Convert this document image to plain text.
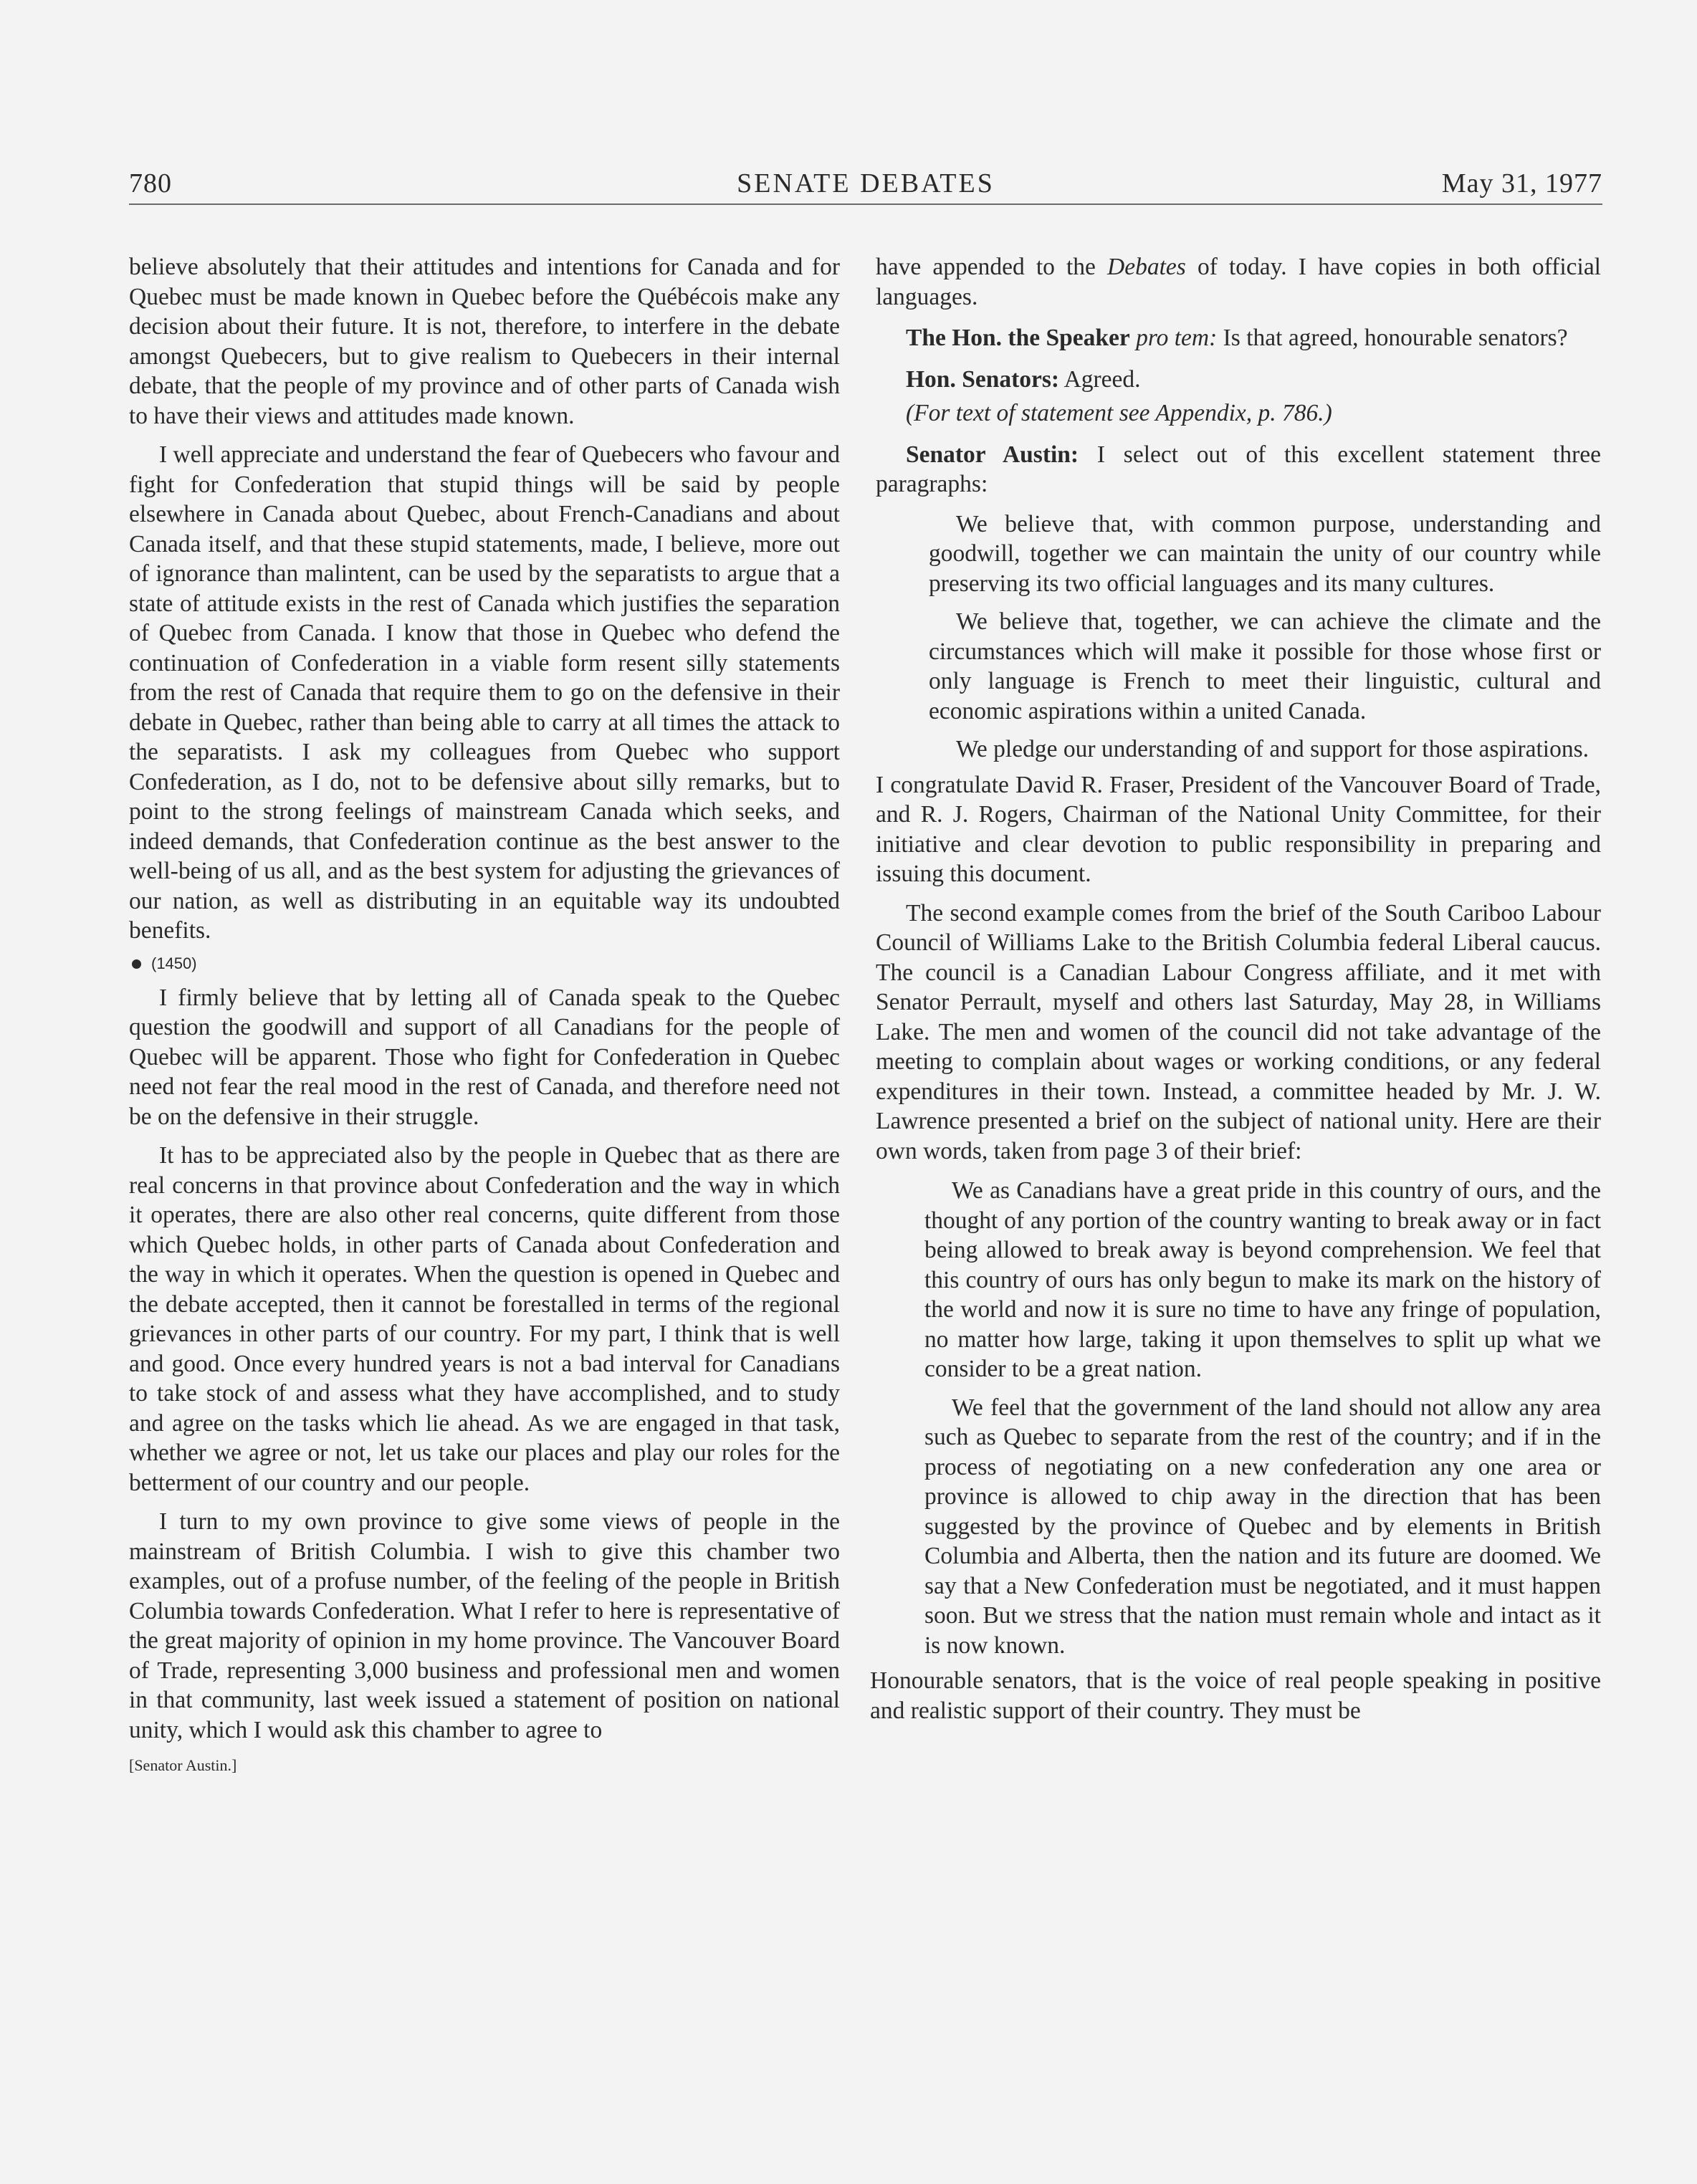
780	SENATE DEBATES	May 31, 1977

believe absolutely that their attitudes and intentions for Canada and for Quebec must be made known in Quebec before the Québécois make any decision about their future. It is not, therefore, to interfere in the debate amongst Quebecers, but to give realism to Quebecers in their internal debate, that the people of my province and of other parts of Canada wish to have their views and attitudes made known.

I well appreciate and understand the fear of Quebecers who favour and fight for Confederation that stupid things will be said by people elsewhere in Canada about Quebec, about French-Canadians and about Canada itself, and that these stupid statements, made, I believe, more out of ignorance than malintent, can be used by the separatists to argue that a state of attitude exists in the rest of Canada which justifies the separation of Quebec from Canada. I know that those in Quebec who defend the continuation of Confederation in a viable form resent silly statements from the rest of Canada that require them to go on the defensive in their debate in Quebec, rather than being able to carry at all times the attack to the separatists. I ask my colleagues from Quebec who support Confederation, as I do, not to be defensive about silly remarks, but to point to the strong feelings of mainstream Canada which seeks, and indeed demands, that Confederation continue as the best answer to the well-being of us all, and as the best system for adjusting the grievances of our nation, as well as distributing in an equitable way its undoubted benefits.

(1450)

I firmly believe that by letting all of Canada speak to the Quebec question the goodwill and support of all Canadians for the people of Quebec will be apparent. Those who fight for Confederation in Quebec need not fear the real mood in the rest of Canada, and therefore need not be on the defensive in their struggle.

It has to be appreciated also by the people in Quebec that as there are real concerns in that province about Confederation and the way in which it operates, there are also other real concerns, quite different from those which Quebec holds, in other parts of Canada about Confederation and the way in which it operates. When the question is opened in Quebec and the debate accepted, then it cannot be forestalled in terms of the regional grievances in other parts of our country. For my part, I think that is well and good. Once every hundred years is not a bad interval for Canadians to take stock of and assess what they have accomplished, and to study and agree on the tasks which lie ahead. As we are engaged in that task, whether we agree or not, let us take our places and play our roles for the betterment of our country and our people.

I turn to my own province to give some views of people in the mainstream of British Columbia. I wish to give this chamber two examples, out of a profuse number, of the feeling of the people in British Columbia towards Confederation. What I refer to here is representative of the great majority of opinion in my home province. The Vancouver Board of Trade, representing 3,000 business and professional men and women in that community, last week issued a statement of position on national unity, which I would ask this chamber to agree to

[Senator Austin.]

have appended to the Debates of today. I have copies in both official languages.

The Hon. the Speaker pro tem: Is that agreed, honourable senators?

Hon. Senators: Agreed.

(For text of statement see Appendix, p. 786.)

Senator Austin: I select out of this excellent statement three paragraphs:

We believe that, with common purpose, understanding and goodwill, together we can maintain the unity of our country while preserving its two official languages and its many cultures.

We believe that, together, we can achieve the climate and the circumstances which will make it possible for those whose first or only language is French to meet their linguistic, cultural and economic aspirations within a united Canada.

We pledge our understanding of and support for those aspirations.

I congratulate David R. Fraser, President of the Vancouver Board of Trade, and R. J. Rogers, Chairman of the National Unity Committee, for their initiative and clear devotion to public responsibility in preparing and issuing this document.

The second example comes from the brief of the South Cariboo Labour Council of Williams Lake to the British Columbia federal Liberal caucus. The council is a Canadian Labour Congress affiliate, and it met with Senator Perrault, myself and others last Saturday, May 28, in Williams Lake. The men and women of the council did not take advantage of the meeting to complain about wages or working conditions, or any federal expenditures in their town. Instead, a committee headed by Mr. J. W. Lawrence presented a brief on the subject of national unity. Here are their own words, taken from page 3 of their brief:

We as Canadians have a great pride in this country of ours, and the thought of any portion of the country wanting to break away or in fact being allowed to break away is beyond comprehension. We feel that this country of ours has only begun to make its mark on the history of the world and now it is sure no time to have any fringe of population, no matter how large, taking it upon themselves to split up what we consider to be a great nation.

We feel that the government of the land should not allow any area such as Quebec to separate from the rest of the country; and if in the process of negotiating on a new confederation any one area or province is allowed to chip away in the direction that has been suggested by the province of Quebec and by elements in British Columbia and Alberta, then the nation and its future are doomed. We say that a New Confederation must be negotiated, and it must happen soon. But we stress that the nation must remain whole and intact as it is now known.

Honourable senators, that is the voice of real people speaking in positive and realistic support of their country. They must be
